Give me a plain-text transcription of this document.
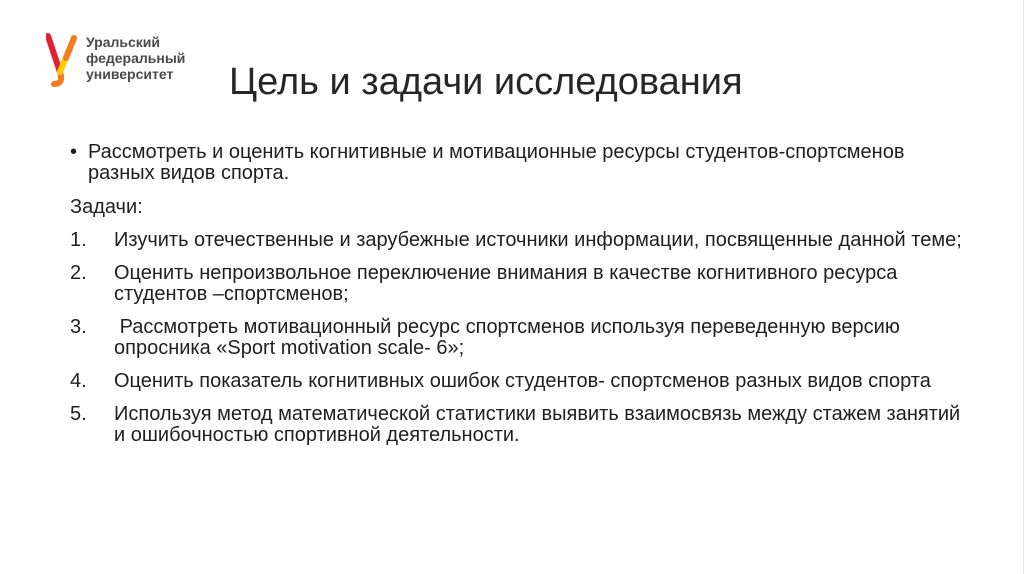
Уральский
федеральный
университет	Цель и задачи исследования
• Рассмотреть и оценить когнитивные и мотивационные ресурсы студентов-спортсменов разных видов спорта.
Задачи:
1. Изучить отечественные и зарубежные источники информации, посвященные данной теме;
2. Оценить непроизвольное переключение внимания в качестве когнитивного ресурса студентов –спортсменов;
3. Рассмотреть мотивационный ресурс спортсменов используя переведенную версию опросника «Sport motivation scale- 6»;
4. Оценить показатель когнитивных ошибок студентов- спортсменов разных видов спорта
5. Используя метод математической статистики выявить взаимосвязь между стажем занятий и ошибочностью спортивной деятельности.
